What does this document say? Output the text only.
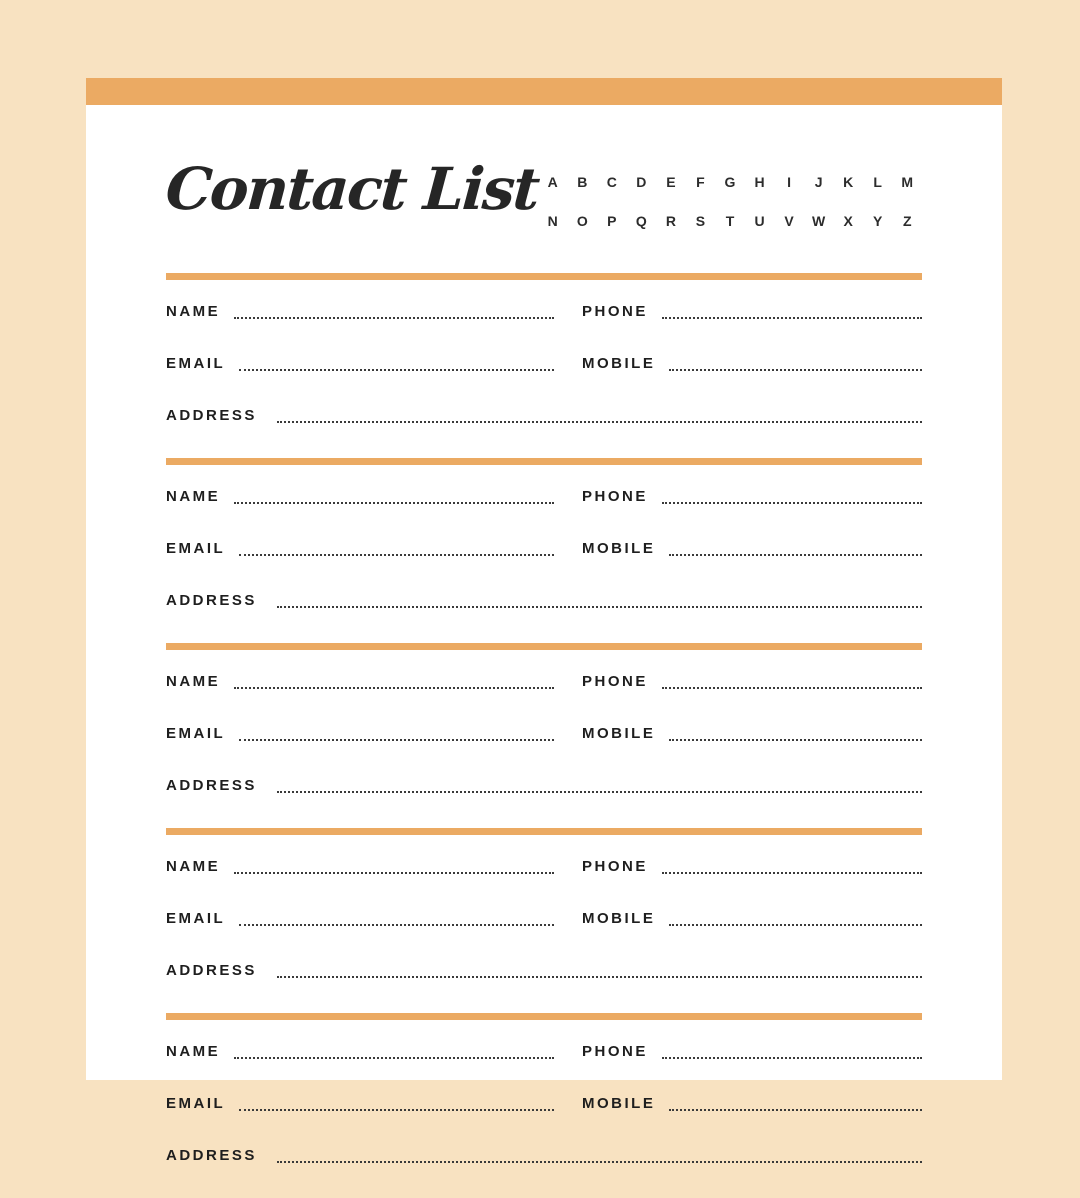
Contact List A B C D E F G H I J K L M
N O P Q R S T U V W X Y Z
NAME	PHONE
EMAIL	MOBILE
ADDRESS
NAME	PHONE
EMAIL	MOBILE
ADDRESS
NAME	PHONE
EMAIL	MOBILE
ADDRESS
NAME	PHONE
EMAIL	MOBILE
ADDRESS
NAME	PHONE
EMAIL	MOBILE
ADDRESS
